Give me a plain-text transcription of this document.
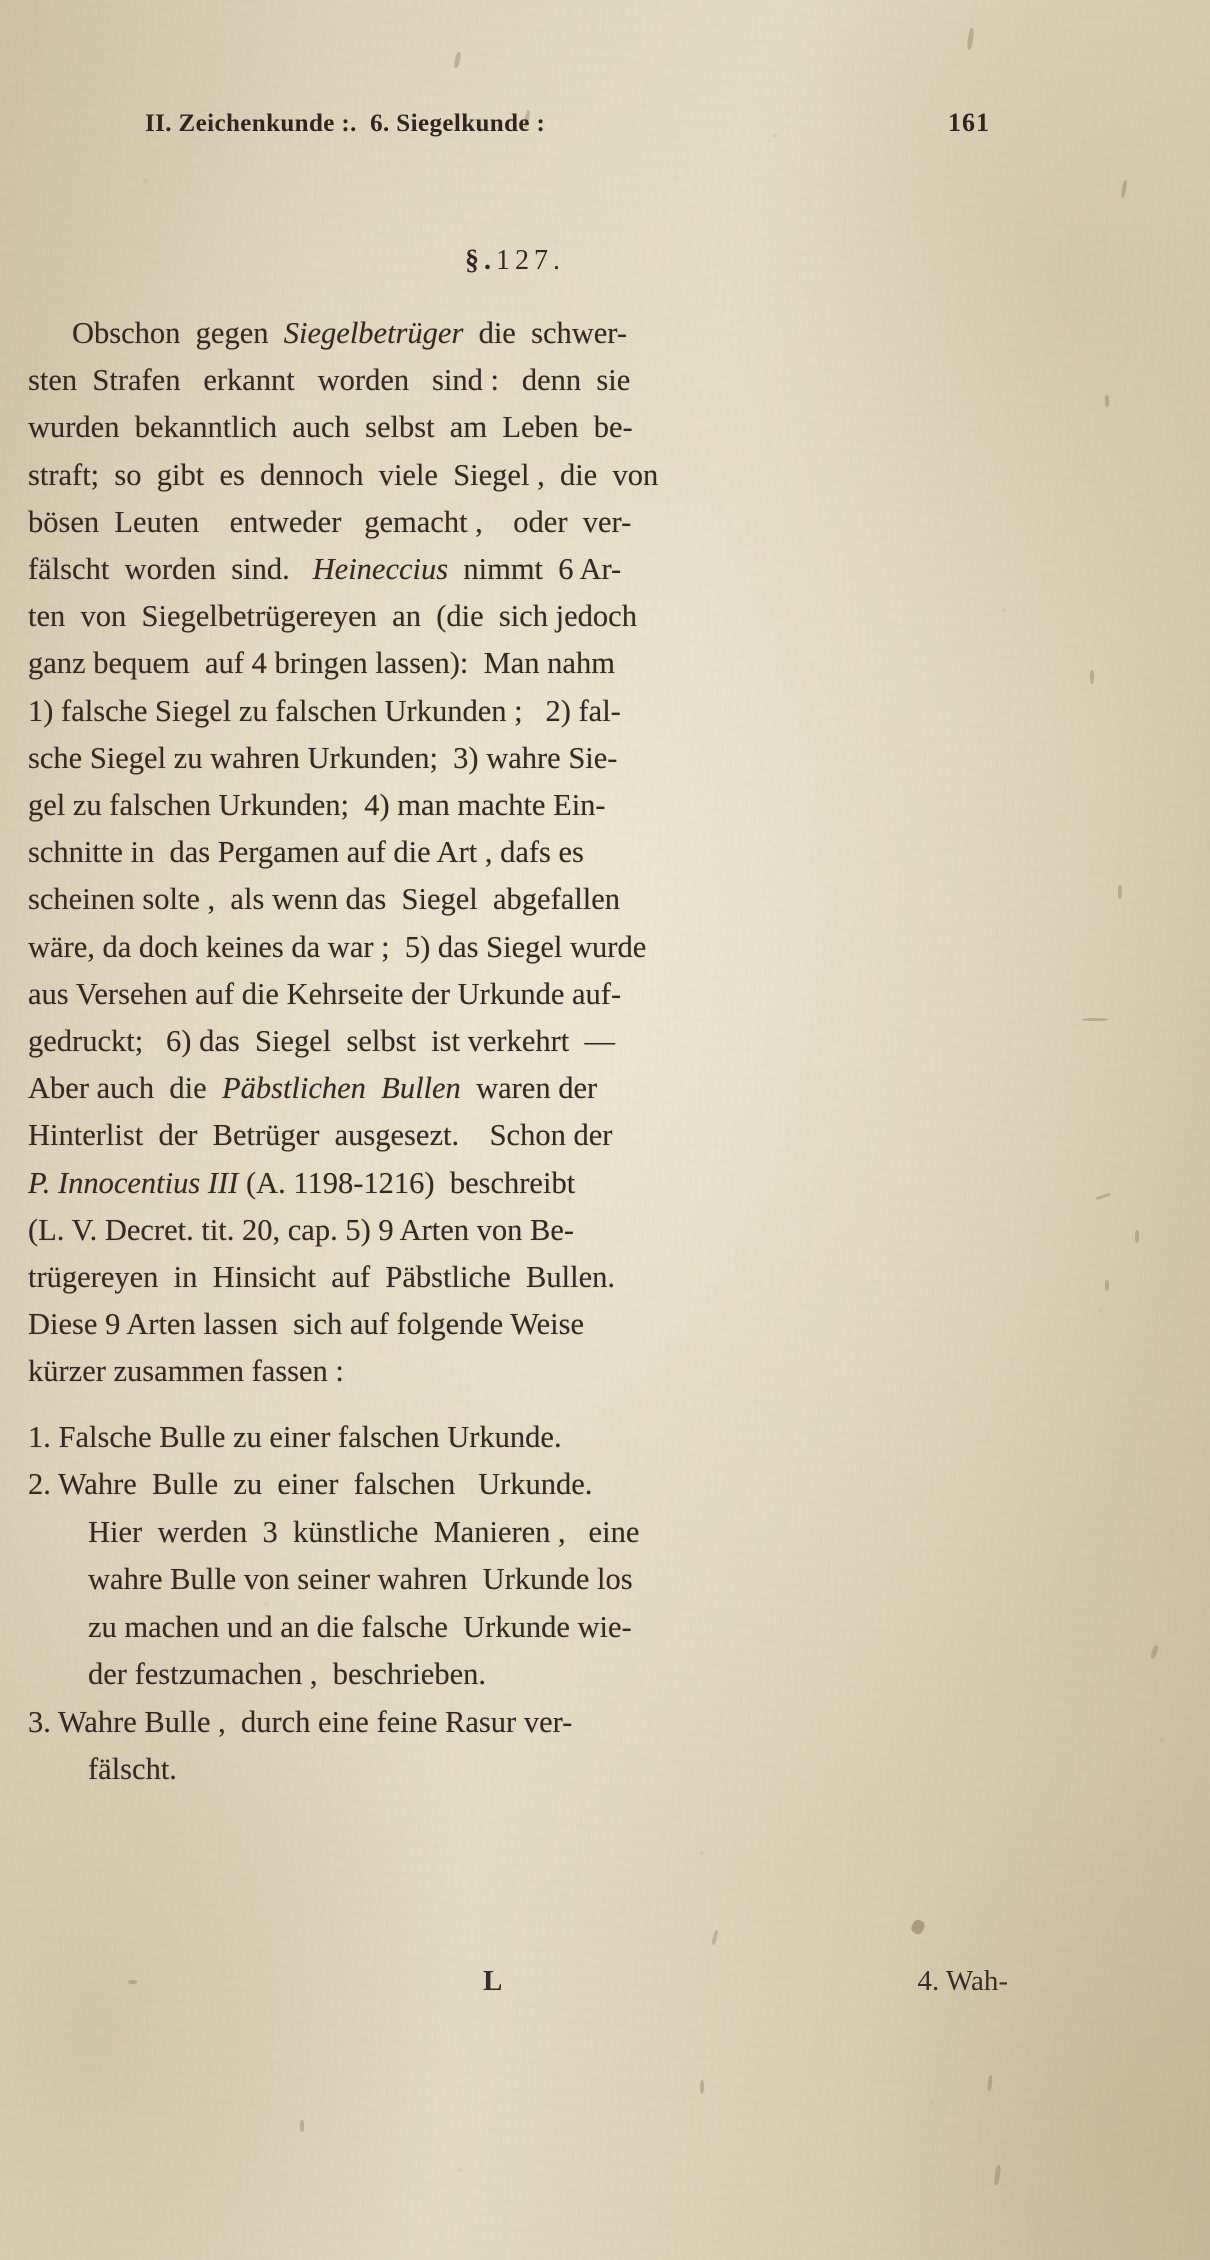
II. Zeichenkunde :.  6. Siegelkunde :	161
§.127.
Obschon  gegen  Siegelbetrüger  die  schwer-
sten  Strafen   erkannt   worden   sind :   denn  sie
wurden  bekanntlich  auch  selbst  am  Leben  be-
straft;  so  gibt  es  dennoch  viele  Siegel ,  die  von
bösen  Leuten    entweder   gemacht ,    oder  ver-
fälscht  worden  sind.   Heineccius  nimmt  6 Ar-
ten  von  Siegelbetrügereyen  an  (die  sich jedoch
ganz bequem  auf 4 bringen lassen):  Man nahm
1) falsche Siegel zu falschen Urkunden ;   2) fal-
sche Siegel zu wahren Urkunden;  3) wahre Sie-
gel zu falschen Urkunden;  4) man machte Ein-
schnitte in  das Pergamen auf die Art , dafs es
scheinen solte ,  als wenn das  Siegel  abgefallen
wäre, da doch keines da war ;  5) das Siegel wurde
aus Versehen auf die Kehrseite der Urkunde auf-
gedruckt;   6) das  Siegel  selbst  ist verkehrt  —
Aber auch  die  Päbstlichen  Bullen  waren der
Hinterlist  der  Betrüger  ausgesezt.    Schon der
P. Innocentius III (A. 1198-1216)  beschreibt
(L. V. Decret. tit. 20, cap. 5) 9 Arten von Be-
trügereyen  in  Hinsicht  auf  Päbstliche  Bullen.
Diese 9 Arten lassen  sich auf folgende Weise
kürzer zusammen fassen :
1. Falsche Bulle zu einer falschen Urkunde.
2. Wahre  Bulle  zu  einer  falschen   Urkunde.
Hier  werden  3  künstliche  Manieren ,   eine
wahre Bulle von seiner wahren  Urkunde los
zu machen und an die falsche  Urkunde wie-
der festzumachen ,  beschrieben.
3. Wahre Bulle ,  durch eine feine Rasur ver-
fälscht.
L	4. Wah-
